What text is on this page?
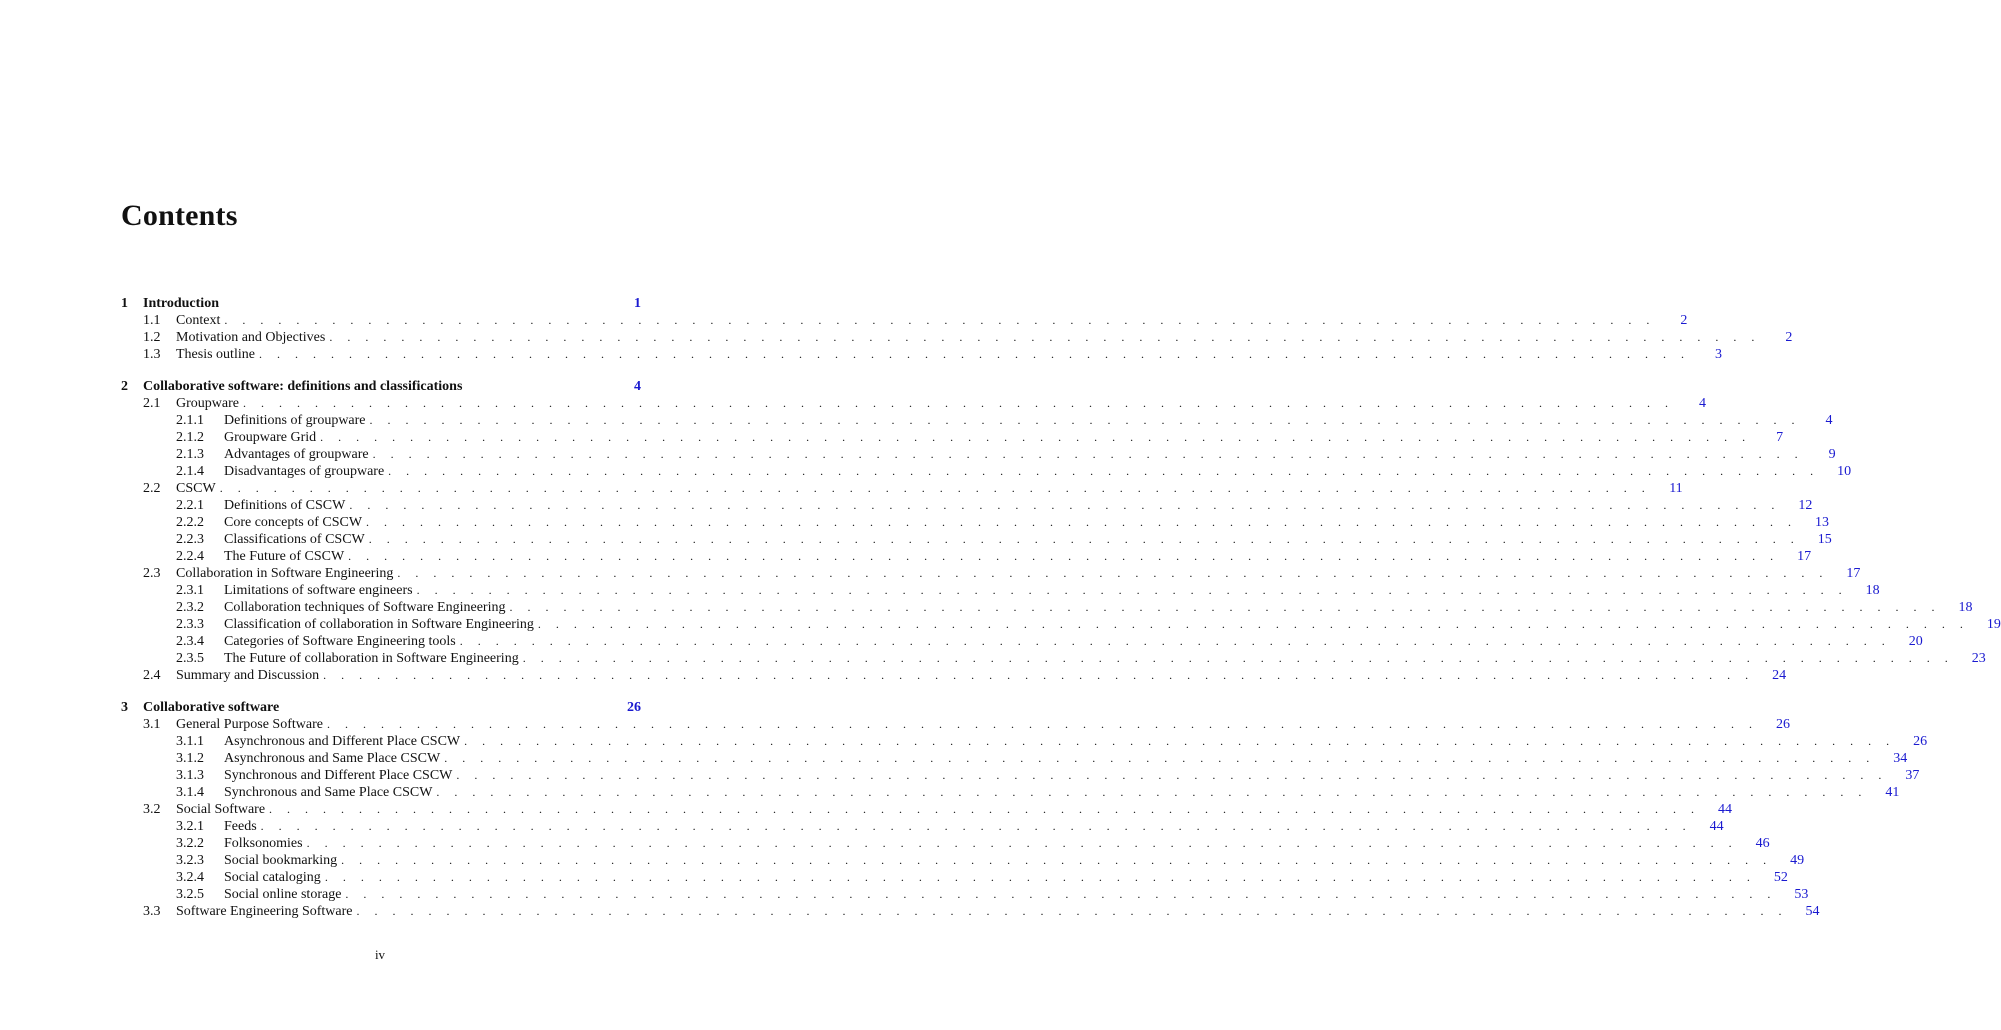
Contents
1	Introduction	1
1.1	Context . . . . . . . . . . . . . . . . . . . . . . . . . . . . . . . . . . . . . . . . . . . . . . . . . . . . . . . . . . . . . . . . . . . . . . . . . . . . . . . .	2
1.2	Motivation and Objectives . . . . . . . . . . . . . . . . . . . . . . . . . . . . . . . . . . . . . . . . . . . . . . . . . . . . . . . . . . . . . . . . . . . . . . . . . . . . . . . .	2
1.3	Thesis outline . . . . . . . . . . . . . . . . . . . . . . . . . . . . . . . . . . . . . . . . . . . . . . . . . . . . . . . . . . . . . . . . . . . . . . . . . . . . . . . .	3
2	Collaborative software: definitions and classifications	4
2.1	Groupware . . . . . . . . . . . . . . . . . . . . . . . . . . . . . . . . . . . . . . . . . . . . . . . . . . . . . . . . . . . . . . . . . . . . . . . . . . . . . . . .	4
2.1.1	Definitions of groupware . . . . . . . . . . . . . . . . . . . . . . . . . . . . . . . . . . . . . . . . . . . . . . . . . . . . . . . . . . . . . . . . . . . . . . . . . . . . . . . .	4
2.1.2	Groupware Grid . . . . . . . . . . . . . . . . . . . . . . . . . . . . . . . . . . . . . . . . . . . . . . . . . . . . . . . . . . . . . . . . . . . . . . . . . . . . . . . .	7
2.1.3	Advantages of groupware . . . . . . . . . . . . . . . . . . . . . . . . . . . . . . . . . . . . . . . . . . . . . . . . . . . . . . . . . . . . . . . . . . . . . . . . . . . . . . . .	9
2.1.4	Disadvantages of groupware . . . . . . . . . . . . . . . . . . . . . . . . . . . . . . . . . . . . . . . . . . . . . . . . . . . . . . . . . . . . . . . . . . . . . . . . . . . . . . . .	10
2.2	CSCW . . . . . . . . . . . . . . . . . . . . . . . . . . . . . . . . . . . . . . . . . . . . . . . . . . . . . . . . . . . . . . . . . . . . . . . . . . . . . . . .	11
2.2.1	Definitions of CSCW . . . . . . . . . . . . . . . . . . . . . . . . . . . . . . . . . . . . . . . . . . . . . . . . . . . . . . . . . . . . . . . . . . . . . . . . . . . . . . . .	12
2.2.2	Core concepts of CSCW . . . . . . . . . . . . . . . . . . . . . . . . . . . . . . . . . . . . . . . . . . . . . . . . . . . . . . . . . . . . . . . . . . . . . . . . . . . . . . . .	13
2.2.3	Classifications of CSCW . . . . . . . . . . . . . . . . . . . . . . . . . . . . . . . . . . . . . . . . . . . . . . . . . . . . . . . . . . . . . . . . . . . . . . . . . . . . . . . .	15
2.2.4	The Future of CSCW . . . . . . . . . . . . . . . . . . . . . . . . . . . . . . . . . . . . . . . . . . . . . . . . . . . . . . . . . . . . . . . . . . . . . . . . . . . . . . . .	17
2.3	Collaboration in Software Engineering . . . . . . . . . . . . . . . . . . . . . . . . . . . . . . . . . . . . . . . . . . . . . . . . . . . . . . . . . . . . . . . . . . . . . . . . . . . . . . . .	17
2.3.1	Limitations of software engineers . . . . . . . . . . . . . . . . . . . . . . . . . . . . . . . . . . . . . . . . . . . . . . . . . . . . . . . . . . . . . . . . . . . . . . . . . . . . . . . .	18
2.3.2	Collaboration techniques of Software Engineering . . . . . . . . . . . . . . . . . . . . . . . . . . . . . . . . . . . . . . . . . . . . . . . . . . . . . . . . . . . . . . . . . . . . . . . . . . . . . . . .	18
2.3.3	Classification of collaboration in Software Engineering . . . . . . . . . . . . . . . . . . . . . . . . . . . . . . . . . . . . . . . . . . . . . . . . . . . . . . . . . . . . . . . . . . . . . . . . . . . . . . . .	19
2.3.4	Categories of Software Engineering tools . . . . . . . . . . . . . . . . . . . . . . . . . . . . . . . . . . . . . . . . . . . . . . . . . . . . . . . . . . . . . . . . . . . . . . . . . . . . . . . .	20
2.3.5	The Future of collaboration in Software Engineering . . . . . . . . . . . . . . . . . . . . . . . . . . . . . . . . . . . . . . . . . . . . . . . . . . . . . . . . . . . . . . . . . . . . . . . . . . . . . . . .	23
2.4	Summary and Discussion . . . . . . . . . . . . . . . . . . . . . . . . . . . . . . . . . . . . . . . . . . . . . . . . . . . . . . . . . . . . . . . . . . . . . . . . . . . . . . . .	24
3	Collaborative software	26
3.1	General Purpose Software . . . . . . . . . . . . . . . . . . . . . . . . . . . . . . . . . . . . . . . . . . . . . . . . . . . . . . . . . . . . . . . . . . . . . . . . . . . . . . . .	26
3.1.1	Asynchronous and Different Place CSCW . . . . . . . . . . . . . . . . . . . . . . . . . . . . . . . . . . . . . . . . . . . . . . . . . . . . . . . . . . . . . . . . . . . . . . . . . . . . . . . .	26
3.1.2	Asynchronous and Same Place CSCW . . . . . . . . . . . . . . . . . . . . . . . . . . . . . . . . . . . . . . . . . . . . . . . . . . . . . . . . . . . . . . . . . . . . . . . . . . . . . . . .	34
3.1.3	Synchronous and Different Place CSCW . . . . . . . . . . . . . . . . . . . . . . . . . . . . . . . . . . . . . . . . . . . . . . . . . . . . . . . . . . . . . . . . . . . . . . . . . . . . . . . .	37
3.1.4	Synchronous and Same Place CSCW . . . . . . . . . . . . . . . . . . . . . . . . . . . . . . . . . . . . . . . . . . . . . . . . . . . . . . . . . . . . . . . . . . . . . . . . . . . . . . . .	41
3.2	Social Software . . . . . . . . . . . . . . . . . . . . . . . . . . . . . . . . . . . . . . . . . . . . . . . . . . . . . . . . . . . . . . . . . . . . . . . . . . . . . . . .	44
3.2.1	Feeds . . . . . . . . . . . . . . . . . . . . . . . . . . . . . . . . . . . . . . . . . . . . . . . . . . . . . . . . . . . . . . . . . . . . . . . . . . . . . . . .	44
3.2.2	Folksonomies . . . . . . . . . . . . . . . . . . . . . . . . . . . . . . . . . . . . . . . . . . . . . . . . . . . . . . . . . . . . . . . . . . . . . . . . . . . . . . . .	46
3.2.3	Social bookmarking . . . . . . . . . . . . . . . . . . . . . . . . . . . . . . . . . . . . . . . . . . . . . . . . . . . . . . . . . . . . . . . . . . . . . . . . . . . . . . . .	49
3.2.4	Social cataloging . . . . . . . . . . . . . . . . . . . . . . . . . . . . . . . . . . . . . . . . . . . . . . . . . . . . . . . . . . . . . . . . . . . . . . . . . . . . . . . .	52
3.2.5	Social online storage . . . . . . . . . . . . . . . . . . . . . . . . . . . . . . . . . . . . . . . . . . . . . . . . . . . . . . . . . . . . . . . . . . . . . . . . . . . . . . . .	53
3.3	Software Engineering Software . . . . . . . . . . . . . . . . . . . . . . . . . . . . . . . . . . . . . . . . . . . . . . . . . . . . . . . . . . . . . . . . . . . . . . . . . . . . . . . .	54
iv
